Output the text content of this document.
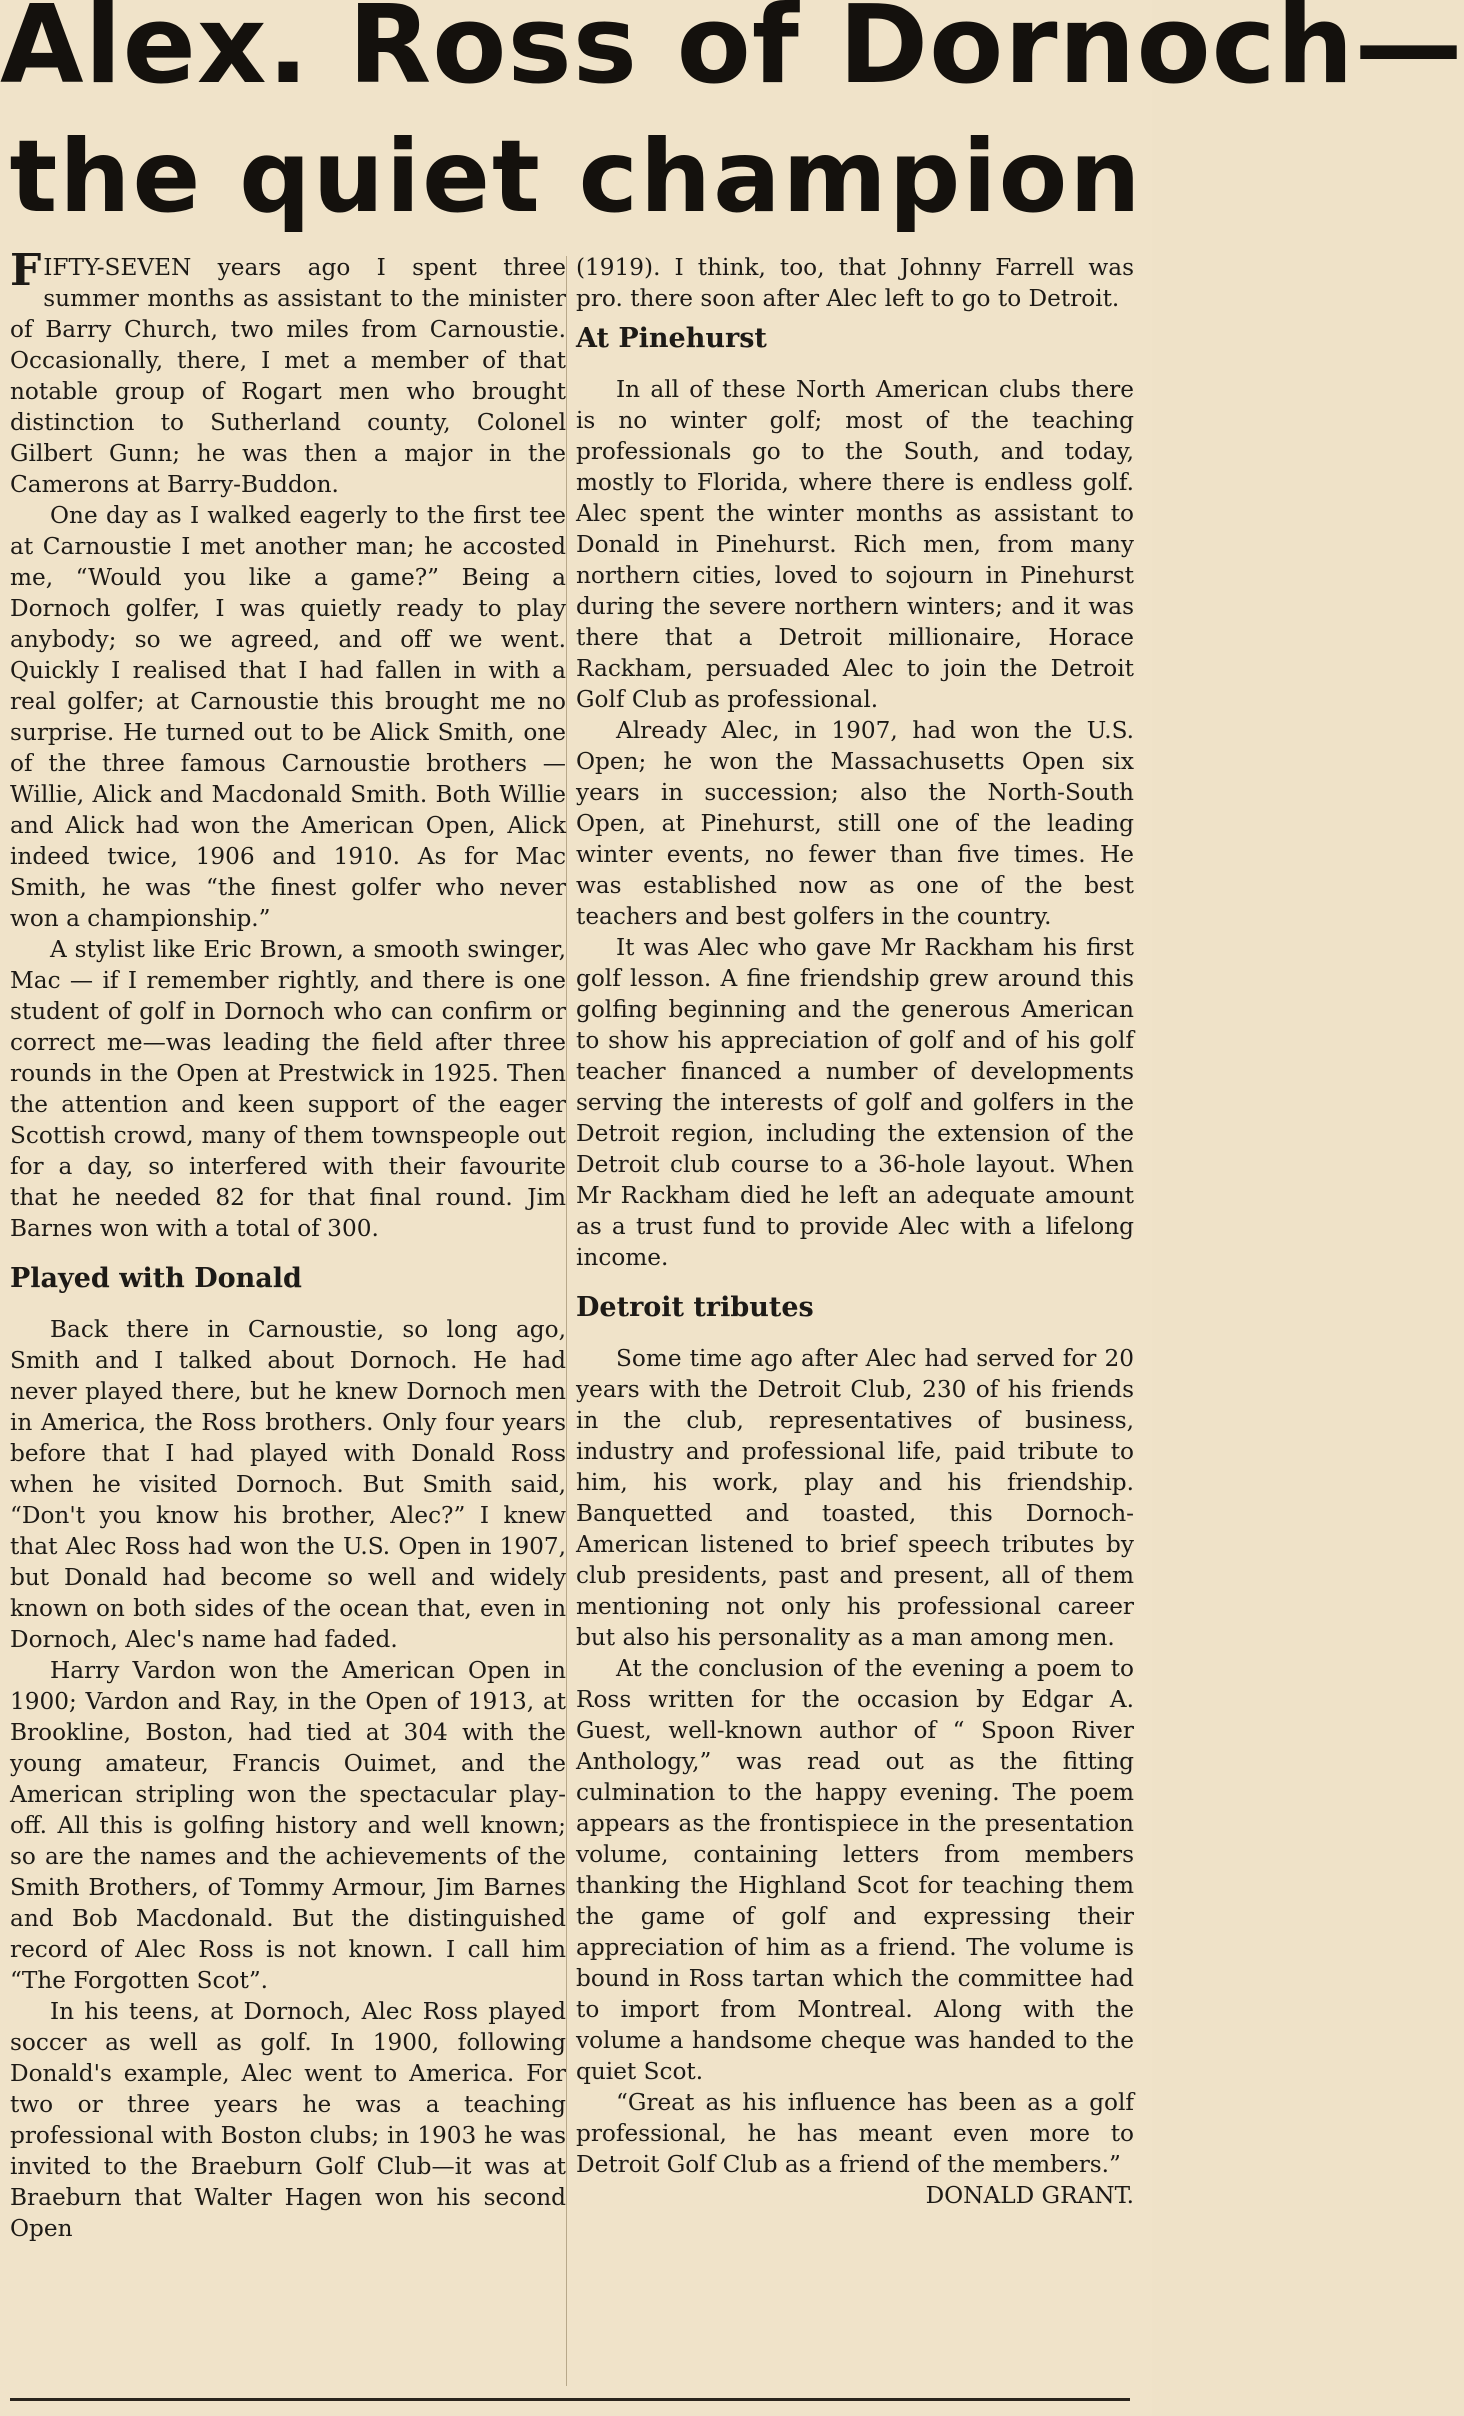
Alex. Ross of Dornoch—
the quiet champion

FIFTY-SEVEN years ago I spent three summer months as assistant to the minister of Barry Church, two miles from Carnoustie. Occasionally, there, I met a member of that notable group of Rogart men who brought distinction to Sutherland county, Colonel Gilbert Gunn; he was then a major in the Camerons at Barry-Buddon.

One day as I walked eagerly to the first tee at Carnoustie I met another man; he accosted me, “Would you like a game?” Being a Dornoch golfer, I was quietly ready to play anybody; so we agreed, and off we went. Quickly I realised that I had fallen in with a real golfer; at Carnoustie this brought me no surprise. He turned out to be Alick Smith, one of the three famous Carnoustie brothers — Willie, Alick and Macdonald Smith. Both Willie and Alick had won the American Open, Alick indeed twice, 1906 and 1910. As for Mac Smith, he was “the finest golfer who never won a championship.”

A stylist like Eric Brown, a smooth swinger, Mac — if I remember rightly, and there is one student of golf in Dornoch who can confirm or correct me—was leading the field after three rounds in the Open at Prestwick in 1925. Then the attention and keen support of the eager Scottish crowd, many of them townspeople out for a day, so interfered with their favourite that he needed 82 for that final round. Jim Barnes won with a total of 300.

Played with Donald

Back there in Carnoustie, so long ago, Smith and I talked about Dornoch. He had never played there, but he knew Dornoch men in America, the Ross brothers. Only four years before that I had played with Donald Ross when he visited Dornoch. But Smith said, “Don't you know his brother, Alec?” I knew that Alec Ross had won the U.S. Open in 1907, but Donald had become so well and widely known on both sides of the ocean that, even in Dornoch, Alec's name had faded.

Harry Vardon won the American Open in 1900; Vardon and Ray, in the Open of 1913, at Brookline, Boston, had tied at 304 with the young amateur, Francis Ouimet, and the American stripling won the spectacular play-off. All this is golfing history and well known; so are the names and the achievements of the Smith Brothers, of Tommy Armour, Jim Barnes and Bob Macdonald. But the distinguished record of Alec Ross is not known. I call him “The Forgotten Scot”.

In his teens, at Dornoch, Alec Ross played soccer as well as golf. In 1900, following Donald's example, Alec went to America. For two or three years he was a teaching professional with Boston clubs; in 1903 he was invited to the Braeburn Golf Club—it was at Braeburn that Walter Hagen won his second Open

(1919). I think, too, that Johnny Farrell was pro. there soon after Alec left to go to Detroit.

At Pinehurst

In all of these North American clubs there is no winter golf; most of the teaching professionals go to the South, and today, mostly to Florida, where there is endless golf. Alec spent the winter months as assistant to Donald in Pinehurst. Rich men, from many northern cities, loved to sojourn in Pinehurst during the severe northern winters; and it was there that a Detroit millionaire, Horace Rackham, persuaded Alec to join the Detroit Golf Club as professional.

Already Alec, in 1907, had won the U.S. Open; he won the Massachusetts Open six years in succession; also the North-South Open, at Pinehurst, still one of the leading winter events, no fewer than five times. He was established now as one of the best teachers and best golfers in the country.

It was Alec who gave Mr Rackham his first golf lesson. A fine friendship grew around this golfing beginning and the generous American to show his appreciation of golf and of his golf teacher financed a number of developments serving the interests of golf and golfers in the Detroit region, including the extension of the Detroit club course to a 36-hole layout. When Mr Rackham died he left an adequate amount as a trust fund to provide Alec with a lifelong income.

Detroit tributes

Some time ago after Alec had served for 20 years with the Detroit Club, 230 of his friends in the club, representatives of business, industry and professional life, paid tribute to him, his work, play and his friendship. Banquetted and toasted, this Dornoch-American listened to brief speech tributes by club presidents, past and present, all of them mentioning not only his professional career but also his personality as a man among men.

At the conclusion of the evening a poem to Ross written for the occasion by Edgar A. Guest, well-known author of “ Spoon River Anthology,” was read out as the fitting culmination to the happy evening. The poem appears as the frontispiece in the presentation volume, containing letters from members thanking the Highland Scot for teaching them the game of golf and expressing their appreciation of him as a friend. The volume is bound in Ross tartan which the committee had to import from Montreal. Along with the volume a handsome cheque was handed to the quiet Scot.

“Great as his influence has been as a golf professional, he has meant even more to Detroit Golf Club as a friend of the members.”

DONALD GRANT.
